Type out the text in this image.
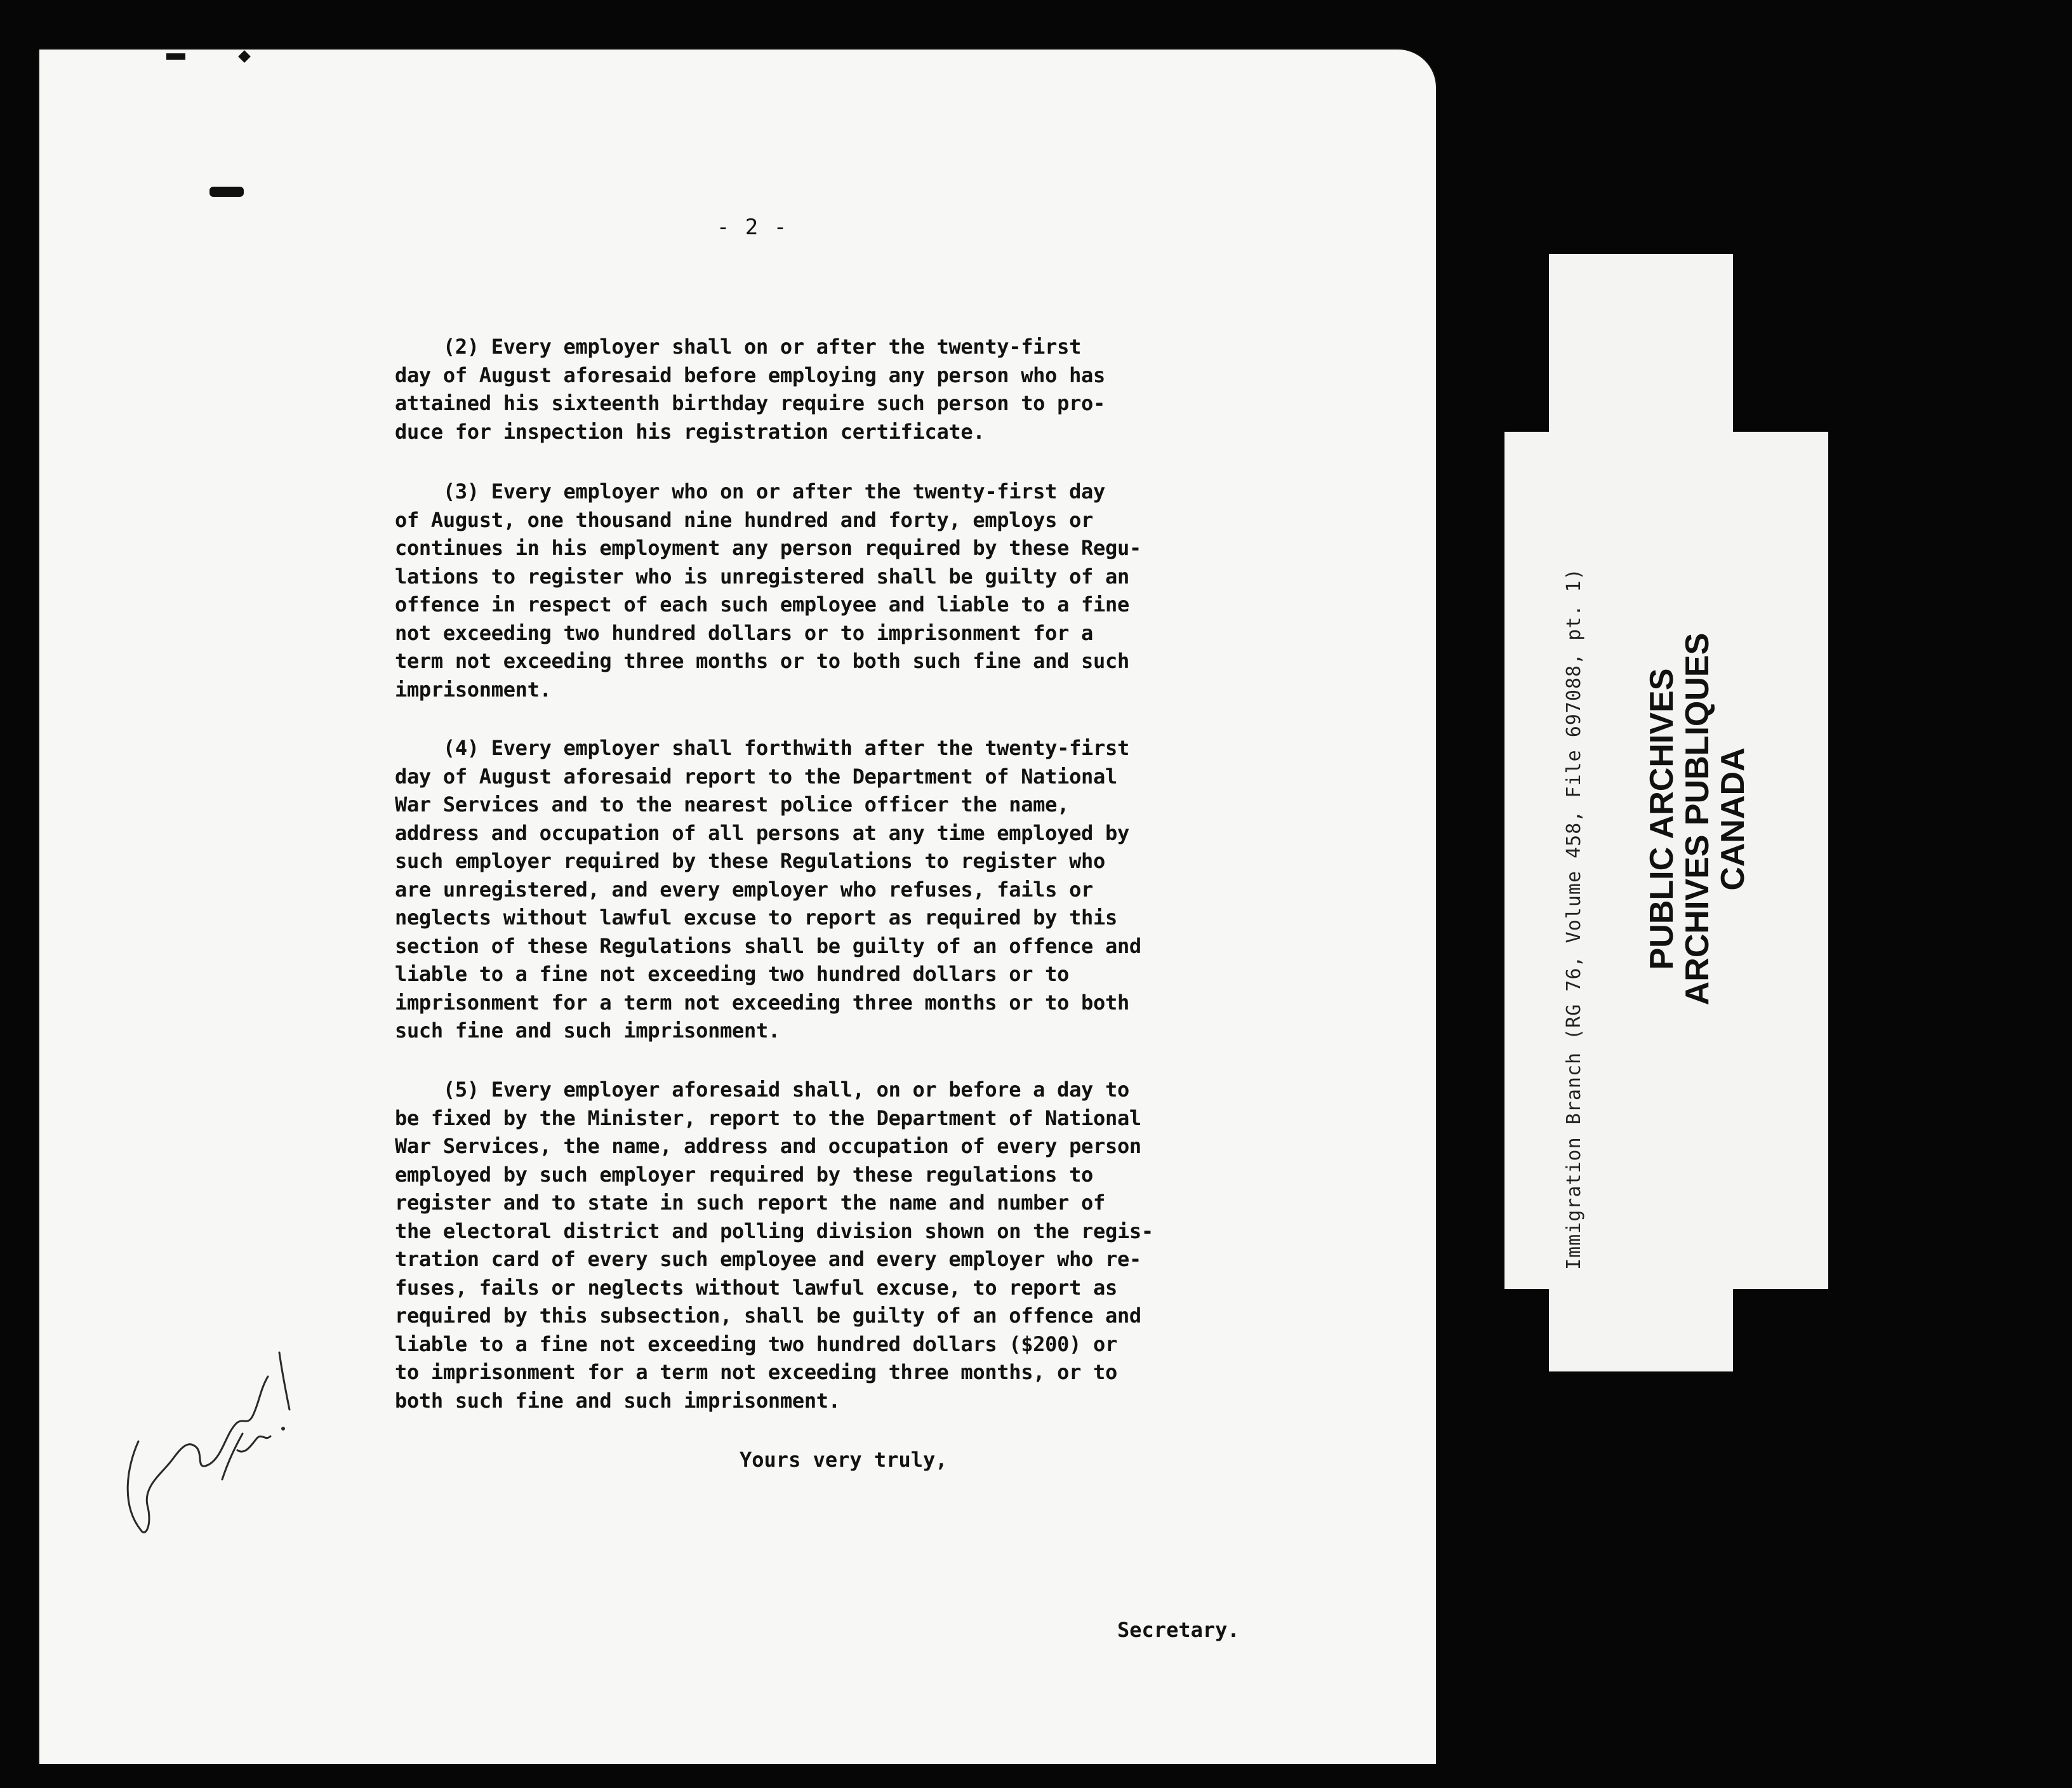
- 2 -

(2) Every employer shall on or after the twenty-first
day of August aforesaid before employing any person who has
attained his sixteenth birthday require such person to pro-
duce for inspection his registration certificate.

(3) Every employer who on or after the twenty-first day
of August, one thousand nine hundred and forty, employs or
continues in his employment any person required by these Regu-
lations to register who is unregistered shall be guilty of an
offence in respect of each such employee and liable to a fine
not exceeding two hundred dollars or to imprisonment for a
term not exceeding three months or to both such fine and such
imprisonment.

(4) Every employer shall forthwith after the twenty-first
day of August aforesaid report to the Department of National
War Services and to the nearest police officer the name,
address and occupation of all persons at any time employed by
such employer required by these Regulations to register who
are unregistered, and every employer who refuses, fails or
neglects without lawful excuse to report as required by this
section of these Regulations shall be guilty of an offence and
liable to a fine not exceeding two hundred dollars or to
imprisonment for a term not exceeding three months or to both
such fine and such imprisonment.

(5) Every employer aforesaid shall, on or before a day to
be fixed by the Minister, report to the Department of National
War Services, the name, address and occupation of every person
employed by such employer required by these regulations to
register and to state in such report the name and number of
the electoral district and polling division shown on the regis-
tration card of every such employee and every employer who re-
fuses, fails or neglects without lawful excuse, to report as
required by this subsection, shall be guilty of an offence and
liable to a fine not exceeding two hundred dollars ($200) or
to imprisonment for a term not exceeding three months, or to
both such fine and such imprisonment.

Yours very truly,
Secretary.
Immigration Branch (RG 76, Volume 458, File 697088, pt. 1) PUBLIC ARCHIVES
ARCHIVES PUBLIQUES
CANADA
